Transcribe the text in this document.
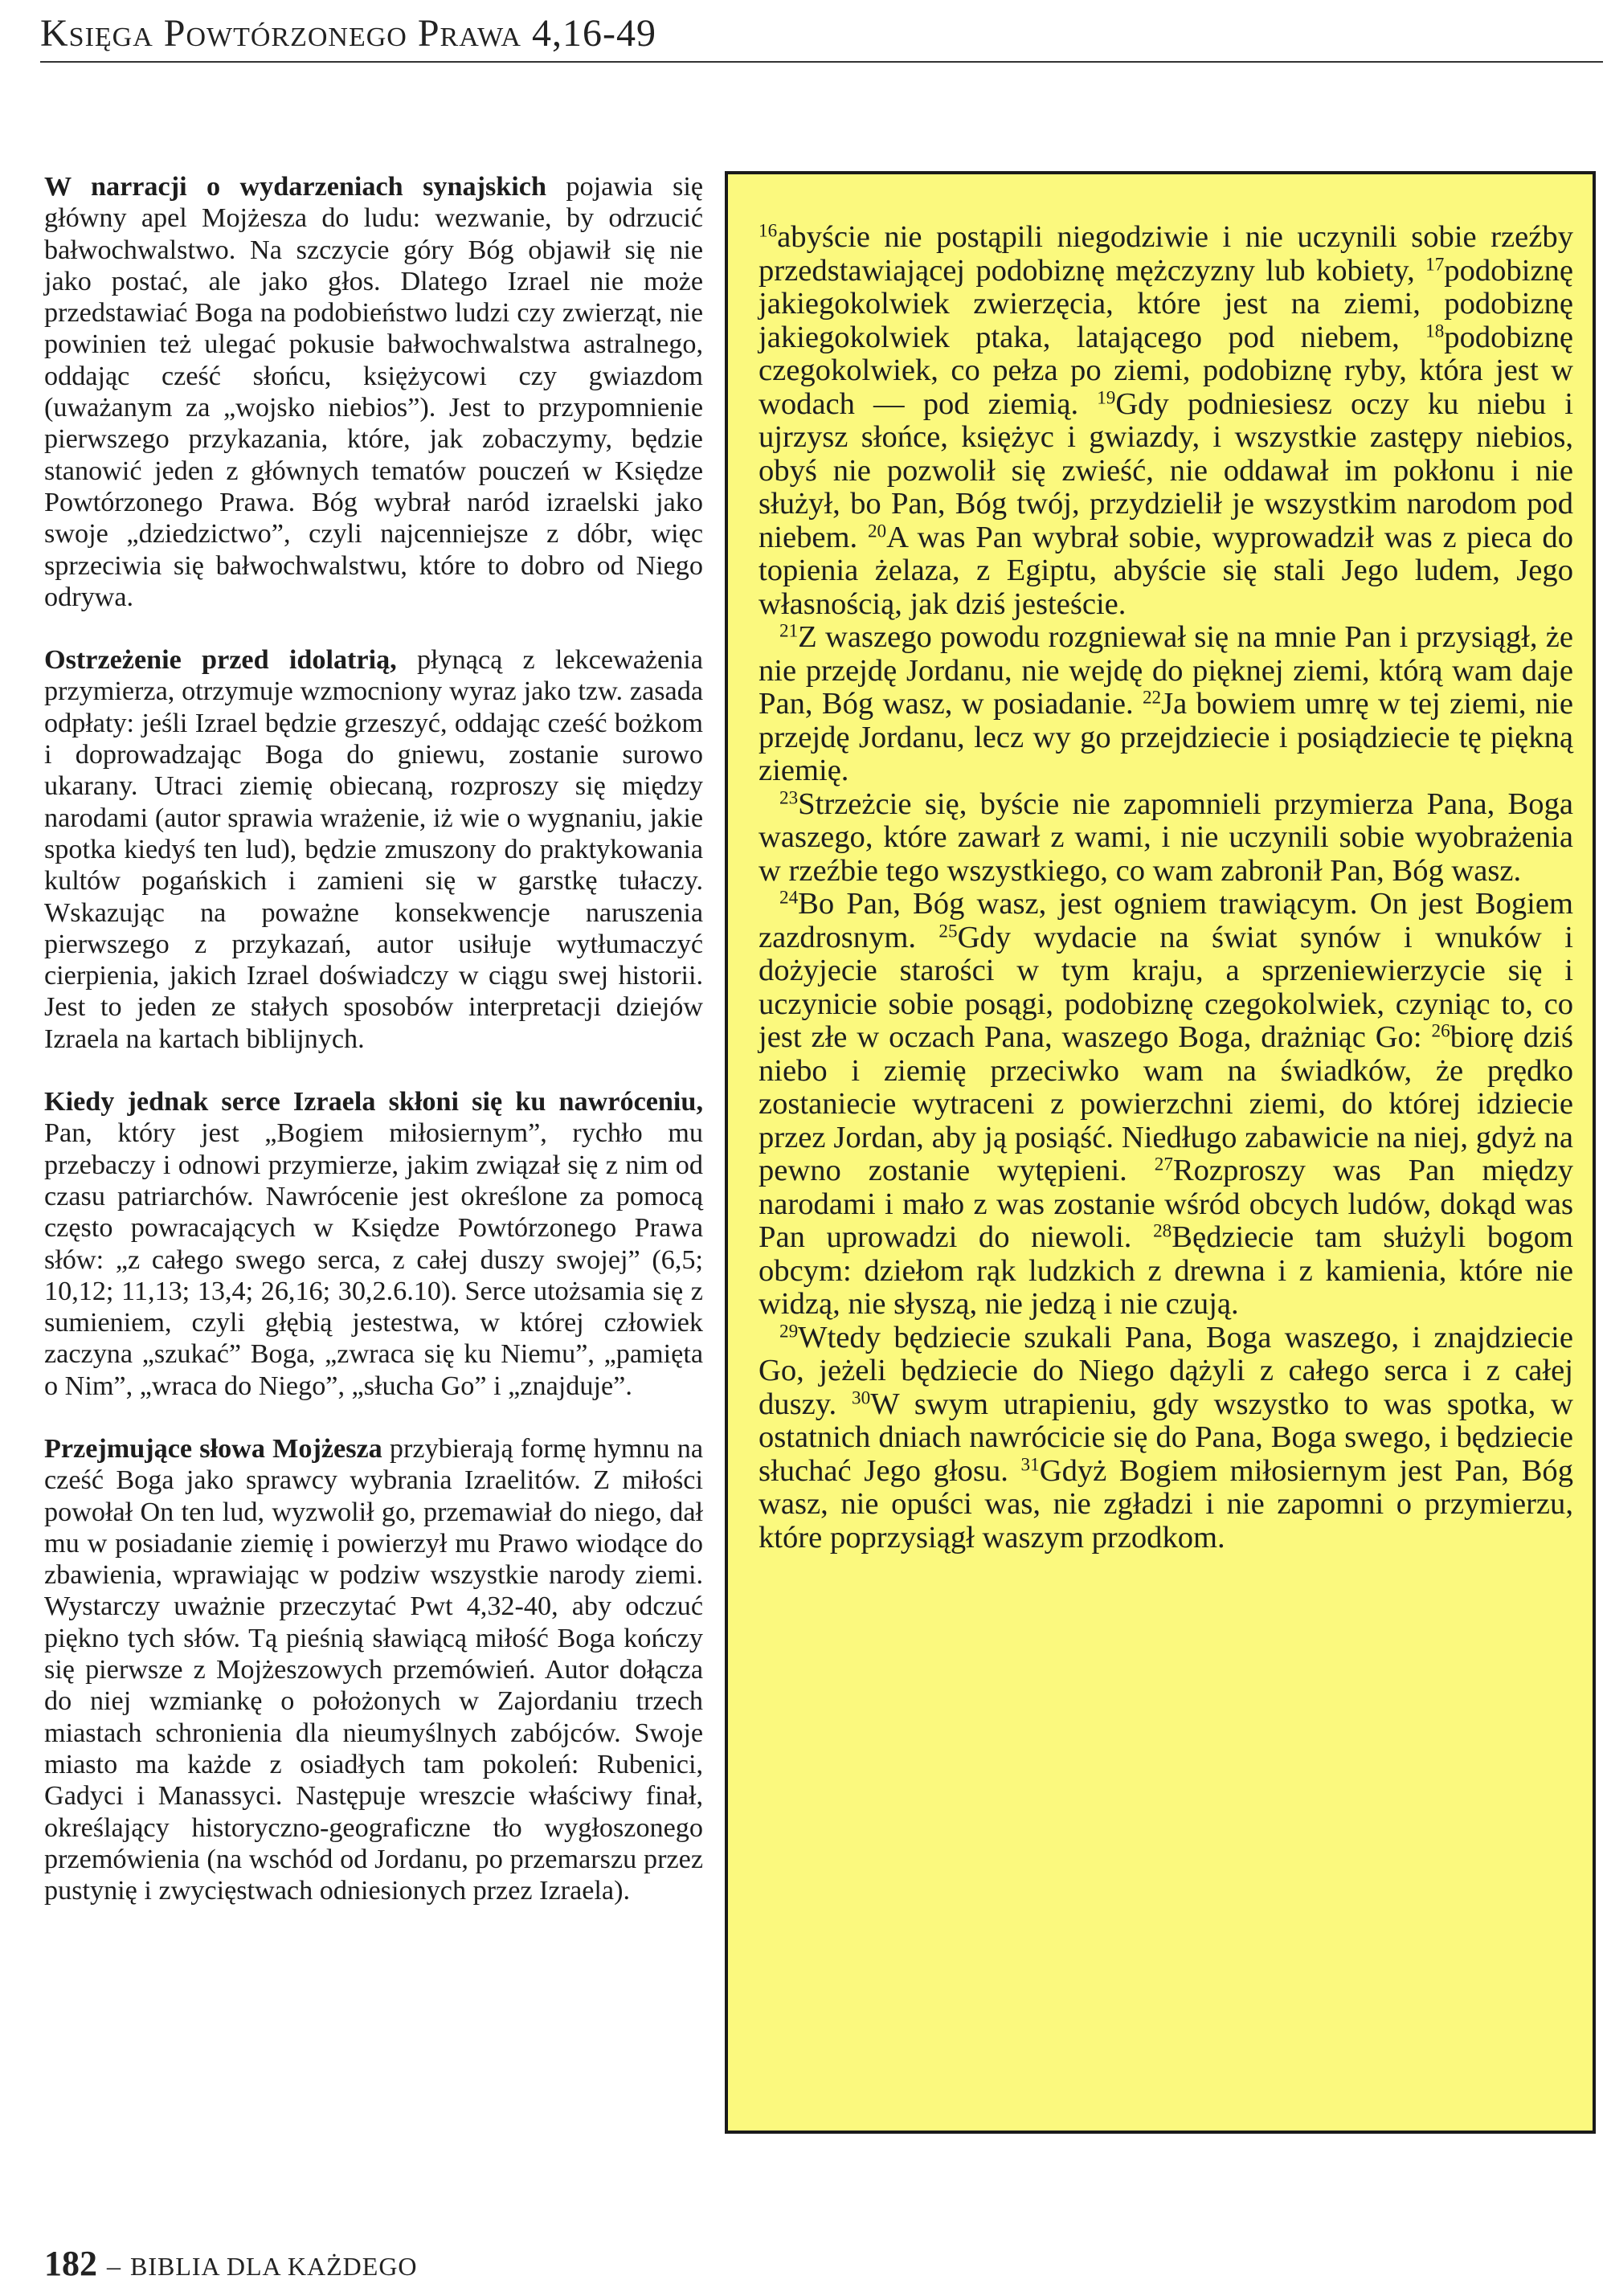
Księga Powtórzonego Prawa 4,16-49

W narracji o wydarzeniach synajskich pojawia się główny apel Mojżesza do ludu: wezwanie, by odrzucić bałwochwalstwo. Na szczycie góry Bóg objawił się nie jako postać, ale jako głos. Dlatego Izrael nie może przedstawiać Boga na podobieństwo ludzi czy zwierząt, nie powinien też ulegać pokusie bałwochwalstwa astralnego, oddając cześć słońcu, księżycowi czy gwiazdom (uważanym za „wojsko niebios”). Jest to przypomnienie pierwszego przykazania, które, jak zobaczymy, będzie stanowić jeden z głównych tematów pouczeń w Księdze Powtórzonego Prawa. Bóg wybrał naród izraelski jako swoje „dziedzictwo”, czyli najcenniejsze z dóbr, więc sprzeciwia się bałwochwalstwu, które to dobro od Niego odrywa.

Ostrzeżenie przed idolatrią, płynącą z lekceważenia przymierza, otrzymuje wzmocniony wyraz jako tzw. zasada odpłaty: jeśli Izrael będzie grzeszyć, oddając cześć bożkom i doprowadzając Boga do gniewu, zostanie surowo ukarany. Utraci ziemię obiecaną, rozproszy się między narodami (autor sprawia wrażenie, iż wie o wygnaniu, jakie spotka kiedyś ten lud), będzie zmuszony do praktykowania kultów pogańskich i zamieni się w garstkę tułaczy. Wskazując na poważne konsekwencje naruszenia pierwszego z przykazań, autor usiłuje wytłumaczyć cierpienia, jakich Izrael doświadczy w ciągu swej historii. Jest to jeden ze stałych sposobów interpretacji dziejów Izraela na kartach biblijnych.

Kiedy jednak serce Izraela skłoni się ku nawróceniu, Pan, który jest „Bogiem miłosiernym”, rychło mu przebaczy i odnowi przymierze, jakim związał się z nim od czasu patriarchów. Nawrócenie jest określone za pomocą często powracających w Księdze Powtórzonego Prawa słów: „z całego swego serca, z całej duszy swojej” (6,5; 10,12; 11,13; 13,4; 26,16; 30,2.6.10). Serce utożsamia się z sumieniem, czyli głębią jestestwa, w której człowiek zaczyna „szukać” Boga, „zwraca się ku Niemu”, „pamięta o Nim”, „wraca do Niego”, „słucha Go” i „znajduje”.

Przejmujące słowa Mojżesza przybierają formę hymnu na cześć Boga jako sprawcy wybrania Izraelitów. Z miłości powołał On ten lud, wyzwolił go, przemawiał do niego, dał mu w posiadanie ziemię i powierzył mu Prawo wiodące do zbawienia, wprawiając w podziw wszystkie narody ziemi. Wystarczy uważnie przeczytać Pwt 4,32-40, aby odczuć piękno tych słów. Tą pieśnią sławiącą miłość Boga kończy się pierwsze z Mojżeszowych przemówień. Autor dołącza do niej wzmiankę o położonych w Zajordaniu trzech miastach schronienia dla nieumyślnych zabójców. Swoje miasto ma każde z osiadłych tam pokoleń: Rubenici, Gadyci i Manassyci. Następuje wreszcie właściwy finał, określający historyczno-geograficzne tło wygłoszonego przemówienia (na wschód od Jordanu, po przemarszu przez pustynię i zwycięstwach odniesionych przez Izraela).

$^{16}$abyście nie postąpili niegodziwie i nie uczynili sobie rzeźby przedstawiającej podobiznę mężczyzny lub kobiety, $^{17}$podobiznę jakiegokolwiek zwierzęcia, które jest na ziemi, podobiznę jakiegokolwiek ptaka, latającego pod niebem, $^{18}$podobiznę czegokolwiek, co pełza po ziemi, podobiznę ryby, która jest w wodach — pod ziemią. $^{19}$Gdy podniesiesz oczy ku niebu i ujrzysz słońce, księżyc i gwiazdy, i wszystkie zastępy niebios, obyś nie pozwolił się zwieść, nie oddawał im pokłonu i nie służył, bo Pan, Bóg twój, przydzielił je wszystkim narodom pod niebem. $^{20}$A was Pan wybrał sobie, wyprowadził was z pieca do topienia żelaza, z Egiptu, abyście się stali Jego ludem, Jego własnością, jak dziś jesteście.

$^{21}$Z waszego powodu rozgniewał się na mnie Pan i przysiągł, że nie przejdę Jordanu, nie wejdę do pięknej ziemi, którą wam daje Pan, Bóg wasz, w posiadanie. $^{22}$Ja bowiem umrę w tej ziemi, nie przejdę Jordanu, lecz wy go przejdziecie i posiądziecie tę piękną ziemię.

$^{23}$Strzeżcie się, byście nie zapomnieli przymierza Pana, Boga waszego, które zawarł z wami, i nie uczynili sobie wyobrażenia w rzeźbie tego wszystkiego, co wam zabronił Pan, Bóg wasz.

$^{24}$Bo Pan, Bóg wasz, jest ogniem trawiącym. On jest Bogiem zazdrosnym. $^{25}$Gdy wydacie na świat synów i wnuków i dożyjecie starości w tym kraju, a sprzeniewierzycie się i uczynicie sobie posągi, podobiznę czegokolwiek, czyniąc to, co jest złe w oczach Pana, waszego Boga, drażniąc Go: $^{26}$biorę dziś niebo i ziemię przeciwko wam na świadków, że prędko zostaniecie wytraceni z powierzchni ziemi, do której idziecie przez Jordan, aby ją posiąść. Niedługo zabawicie na niej, gdyż na pewno zostanie wytępieni. $^{27}$Rozproszy was Pan między narodami i mało z was zostanie wśród obcych ludów, dokąd was Pan uprowadzi do niewoli. $^{28}$Będziecie tam służyli bogom obcym: dziełom rąk ludzkich z drewna i z kamienia, które nie widzą, nie słyszą, nie jedzą i nie czują.

$^{29}$Wtedy będziecie szukali Pana, Boga waszego, i znajdziecie Go, jeżeli będziecie do Niego dążyli z całego serca i z całej duszy. $^{30}$W swym utrapieniu, gdy wszystko to was spotka, w ostatnich dniach nawrócicie się do Pana, Boga swego, i będziecie słuchać Jego głosu. $^{31}$Gdyż Bogiem miłosiernym jest Pan, Bóg wasz, nie opuści was, nie zgładzi i nie zapomni o przymierzu, które poprzysiągł waszym przodkom.

182 – BIBLIA DLA KAŻDEGO
